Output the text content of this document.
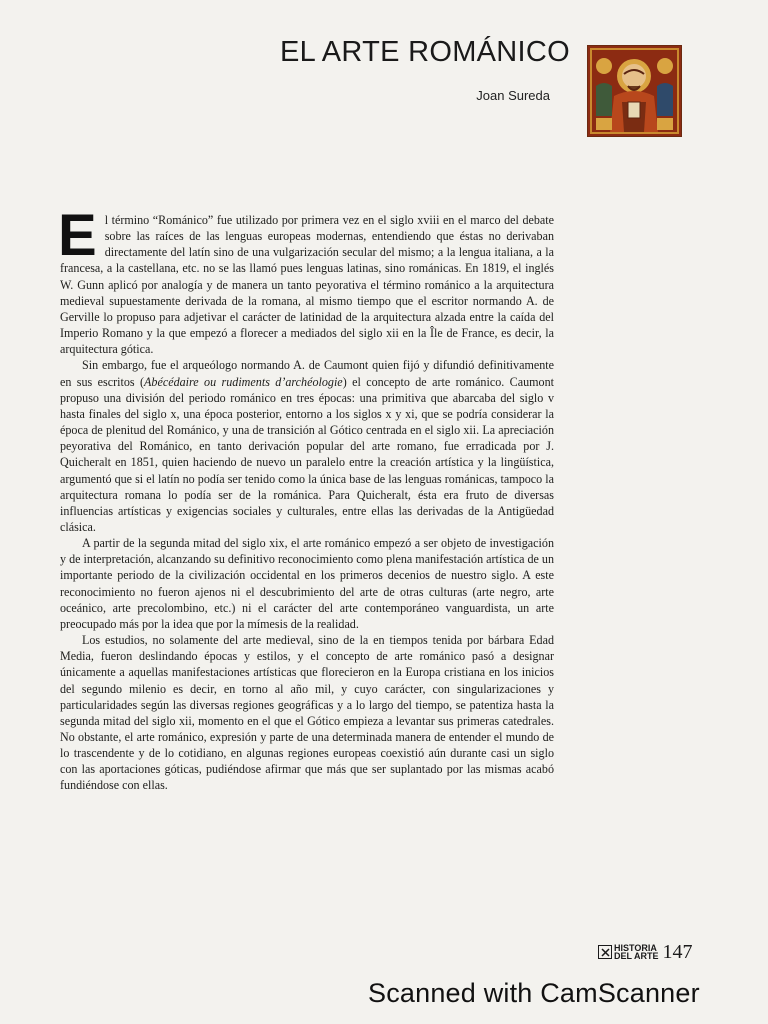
EL ARTE ROMÁNICO
Joan Sureda

El término “Románico” fue utilizado por primera vez en el siglo xviii en el marco del debate sobre las raíces de las lenguas europeas modernas, entendiendo que éstas no derivaban directamente del latín sino de una vulgarización secular del mismo; a la lengua italiana, a la francesa, a la castellana, etc. no se las llamó pues lenguas latinas, sino románicas. En 1819, el inglés W. Gunn aplicó por analogía y de manera un tanto peyorativa el término románico a la arquitectura medieval supuestamente derivada de la romana, al mismo tiempo que el escritor normando A. de Gerville lo propuso para adjetivar el carácter de latinidad de la arquitectura alzada entre la caída del Imperio Romano y la que empezó a florecer a mediados del siglo xii en la Île de France, es decir, la arquitectura gótica.

Sin embargo, fue el arqueólogo normando A. de Caumont quien fijó y difundió definitivamente en sus escritos (Abécédaire ou rudiments d’archéologie) el concepto de arte románico. Caumont propuso una división del periodo románico en tres épocas: una primitiva que abarcaba del siglo v hasta finales del siglo x, una época posterior, entorno a los siglos x y xi, que se podría considerar la época de plenitud del Románico, y una de transición al Gótico centrada en el siglo xii. La apreciación peyorativa del Románico, en tanto derivación popular del arte romano, fue erradicada por J. Quicheralt en 1851, quien haciendo de nuevo un paralelo entre la creación artística y la lingüística, argumentó que si el latín no podía ser tenido como la única base de las lenguas románicas, tampoco la arquitectura romana lo podía ser de la románica. Para Quicheralt, ésta era fruto de diversas influencias artísticas y exigencias sociales y culturales, entre ellas las derivadas de la Antigüedad clásica.

A partir de la segunda mitad del siglo xix, el arte románico empezó a ser objeto de investigación y de interpretación, alcanzando su definitivo reconocimiento como plena manifestación artística de un importante periodo de la civilización occidental en los primeros decenios de nuestro siglo. A este reconocimiento no fueron ajenos ni el descubrimiento del arte de otras culturas (arte negro, arte oceánico, arte precolombino, etc.) ni el carácter del arte contemporáneo vanguardista, un arte preocupado más por la idea que por la mímesis de la realidad.

Los estudios, no solamente del arte medieval, sino de la en tiempos tenida por bárbara Edad Media, fueron deslindando épocas y estilos, y el concepto de arte románico pasó a designar únicamente a aquellas manifestaciones artísticas que florecieron en la Europa cristiana en los inicios del segundo milenio es decir, en torno al año mil, y cuyo carácter, con singularizaciones y particularidades según las diversas regiones geográficas y a lo largo del tiempo, se patentiza hasta la segunda mitad del siglo xii, momento en el que el Gótico empieza a levantar sus primeras catedrales. No obstante, el arte románico, expresión y parte de una determinada manera de entender el mundo de lo trascendente y de lo cotidiano, en algunas regiones europeas coexistió aún durante casi un siglo con las aportaciones góticas, pudiéndose afirmar que más que ser suplantado por las mismas acabó fundiéndose con ellas.

HISTORIA
DEL ARTE 147
Scanned with CamScanner
